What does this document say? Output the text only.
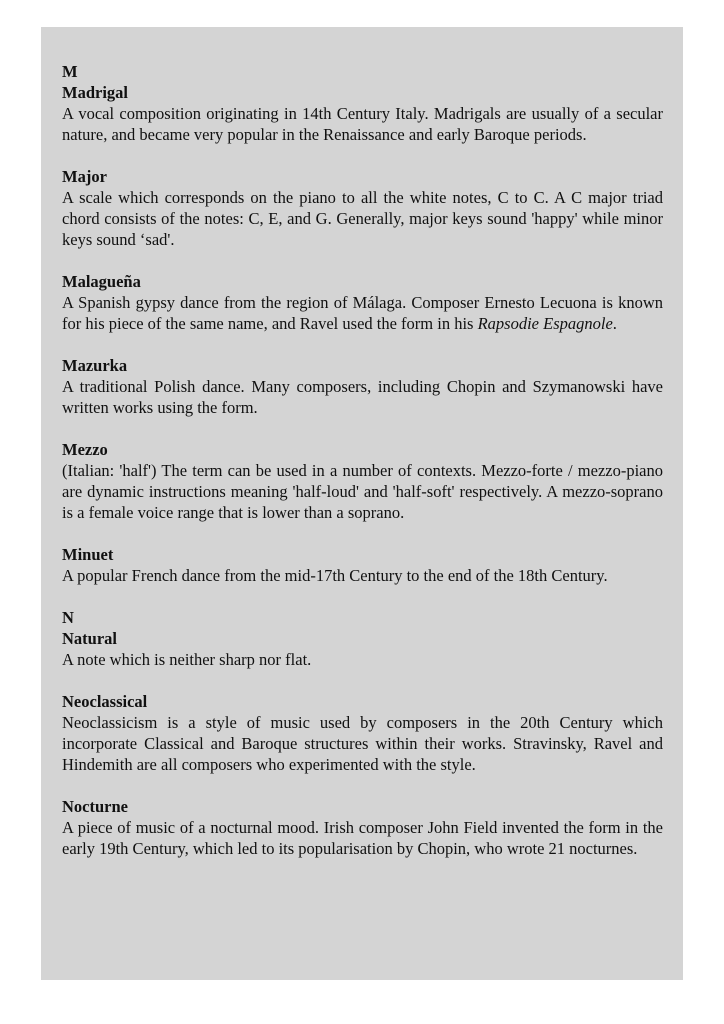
M

Madrigal

A vocal composition originating in 14th Century Italy. Madrigals are usually of a secular nature, and became very popular in the Renaissance and early Baroque periods.

Major

A scale which corresponds on the piano to all the white notes, C to C. A C major triad chord consists of the notes: C, E, and G. Generally, major keys sound 'happy' while minor keys sound ‘sad'.

Malagueña

A Spanish gypsy dance from the region of Málaga. Composer Ernesto Lecuona is known for his piece of the same name, and Ravel used the form in his Rapsodie Espagnole.

Mazurka

A traditional Polish dance. Many composers, including Chopin and Szymanowski have written works using the form.

Mezzo

(Italian: 'half') The term can be used in a number of contexts. Mezzo-forte / mezzo-piano are dynamic instructions meaning 'half-loud' and 'half-soft' respectively. A mezzo-soprano is a female voice range that is lower than a soprano.

Minuet

A popular French dance from the mid-17th Century to the end of the 18th Century.

N

Natural

A note which is neither sharp nor flat.

Neoclassical

Neoclassicism is a style of music used by composers in the 20th Century which incorporate Classical and Baroque structures within their works. Stravinsky, Ravel and Hindemith are all composers who experimented with the style.

Nocturne

A piece of music of a nocturnal mood. Irish composer John Field invented the form in the early 19th Century, which led to its popularisation by Chopin, who wrote 21 nocturnes.
